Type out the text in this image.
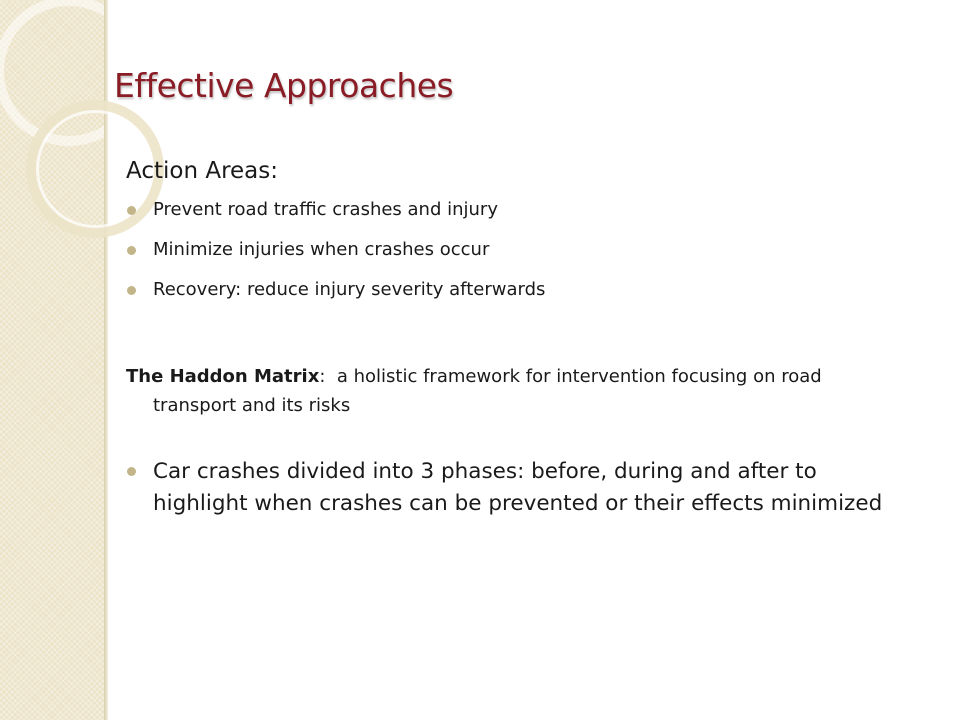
Effective Approaches

Action Areas:

Prevent road traffic crashes and injury
Minimize injuries when crashes occur
Recovery: reduce injury severity afterwards

The Haddon Matrix:  a holistic framework for intervention focusing on road transport and its risks

Car crashes divided into 3 phases: before, during and after to highlight when crashes can be prevented or their effects minimized
